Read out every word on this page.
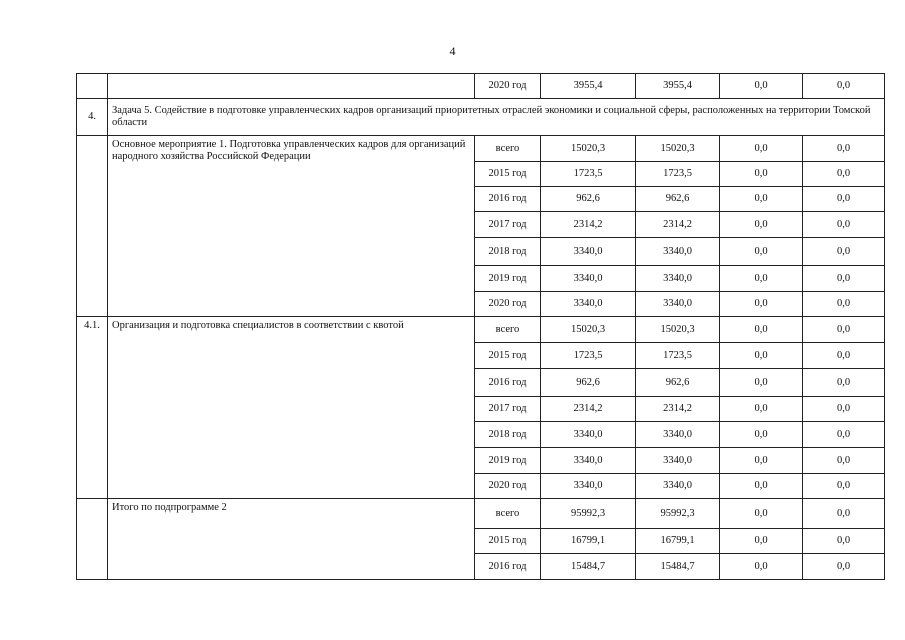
4
		2020 год	3955,4	3955,4	0,0	0,0
4.	Задача 5. Содействие в подготовке управленческих кадров организаций приоритетных отраслей экономики и социальной сферы, расположенных на территории Томской области					
	Основное мероприятие 1. Подготовка управленческих кадров для организаций народного хозяйства Российской Федерации	всего	15020,3	15020,3	0,0	0,0
		2015 год	1723,5	1723,5	0,0	0,0
		2016 год	962,6	962,6	0,0	0,0
		2017 год	2314,2	2314,2	0,0	0,0
		2018 год	3340,0	3340,0	0,0	0,0
		2019 год	3340,0	3340,0	0,0	0,0
		2020 год	3340,0	3340,0	0,0	0,0
4.1.	Организация и подготовка специалистов в соответствии с квотой	всего	15020,3	15020,3	0,0	0,0
		2015 год	1723,5	1723,5	0,0	0,0
		2016 год	962,6	962,6	0,0	0,0
		2017 год	2314,2	2314,2	0,0	0,0
		2018 год	3340,0	3340,0	0,0	0,0
		2019 год	3340,0	3340,0	0,0	0,0
		2020 год	3340,0	3340,0	0,0	0,0
	Итого по подпрограмме 2	всего	95992,3	95992,3	0,0	0,0
		2015 год	16799,1	16799,1	0,0	0,0
		2016 год	15484,7	15484,7	0,0	0,0
